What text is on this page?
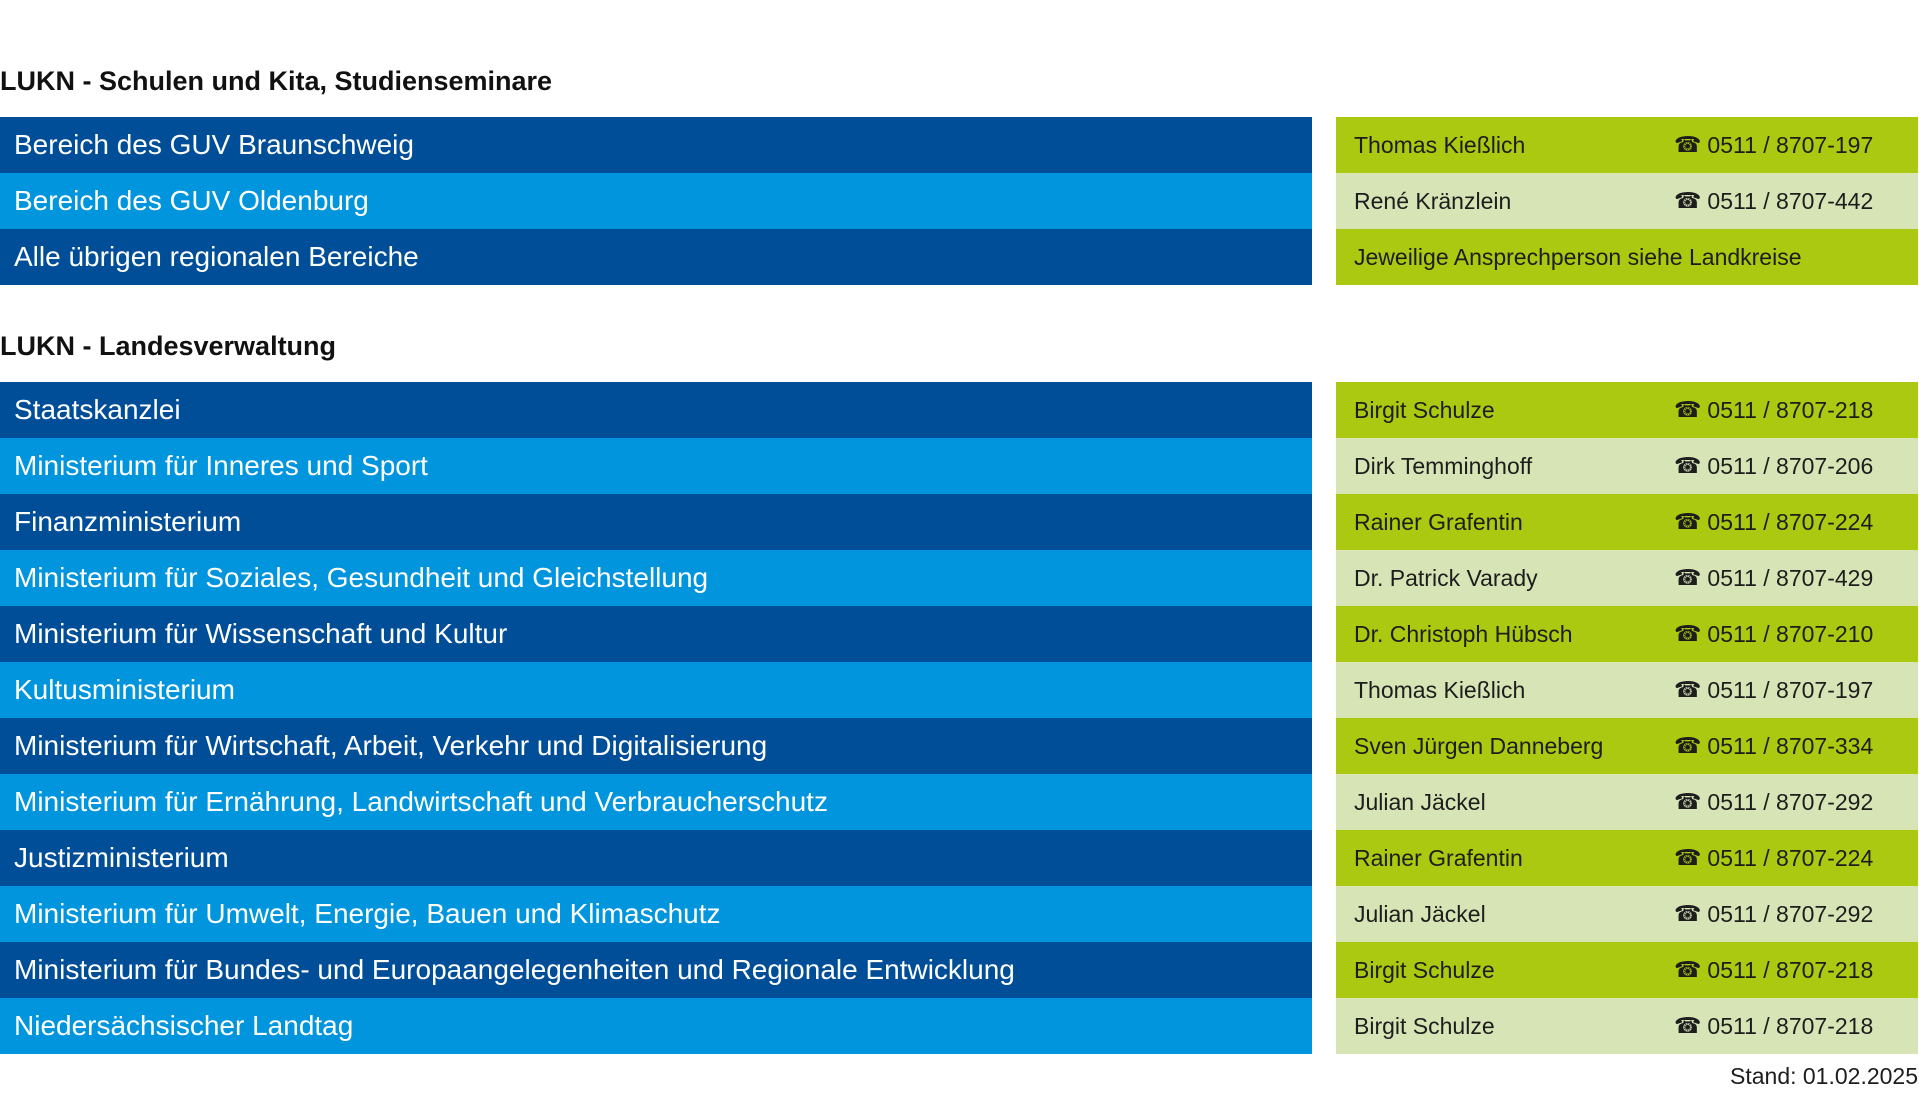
LUKN - Schulen und Kita, Studienseminare
Bereich des GUV Braunschweig	Thomas Kießlich	☎ 0511 / 8707-197
Bereich des GUV Oldenburg	René Kränzlein	☎ 0511 / 8707-442
Alle übrigen regionalen Bereiche	Jeweilige Ansprechperson siehe Landkreise
LUKN - Landesverwaltung
Staatskanzlei	Birgit Schulze	☎ 0511 / 8707-218
Ministerium für Inneres und Sport	Dirk Temminghoff	☎ 0511 / 8707-206
Finanzministerium	Rainer Grafentin	☎ 0511 / 8707-224
Ministerium für Soziales, Gesundheit und Gleichstellung	Dr. Patrick Varady	☎ 0511 / 8707-429
Ministerium für Wissenschaft und Kultur	Dr. Christoph Hübsch	☎ 0511 / 8707-210
Kultusministerium	Thomas Kießlich	☎ 0511 / 8707-197
Ministerium für Wirtschaft, Arbeit, Verkehr und Digitalisierung	Sven Jürgen Danneberg	☎ 0511 / 8707-334
Ministerium für Ernährung, Landwirtschaft und Verbraucherschutz	Julian Jäckel	☎ 0511 / 8707-292
Justizministerium	Rainer Grafentin	☎ 0511 / 8707-224
Ministerium für Umwelt, Energie, Bauen und Klimaschutz	Julian Jäckel	☎ 0511 / 8707-292
Ministerium für Bundes- und Europaangelegenheiten und Regionale Entwicklung	Birgit Schulze	☎ 0511 / 8707-218
Niedersächsischer Landtag	Birgit Schulze	☎ 0511 / 8707-218
Stand: 01.02.2025
